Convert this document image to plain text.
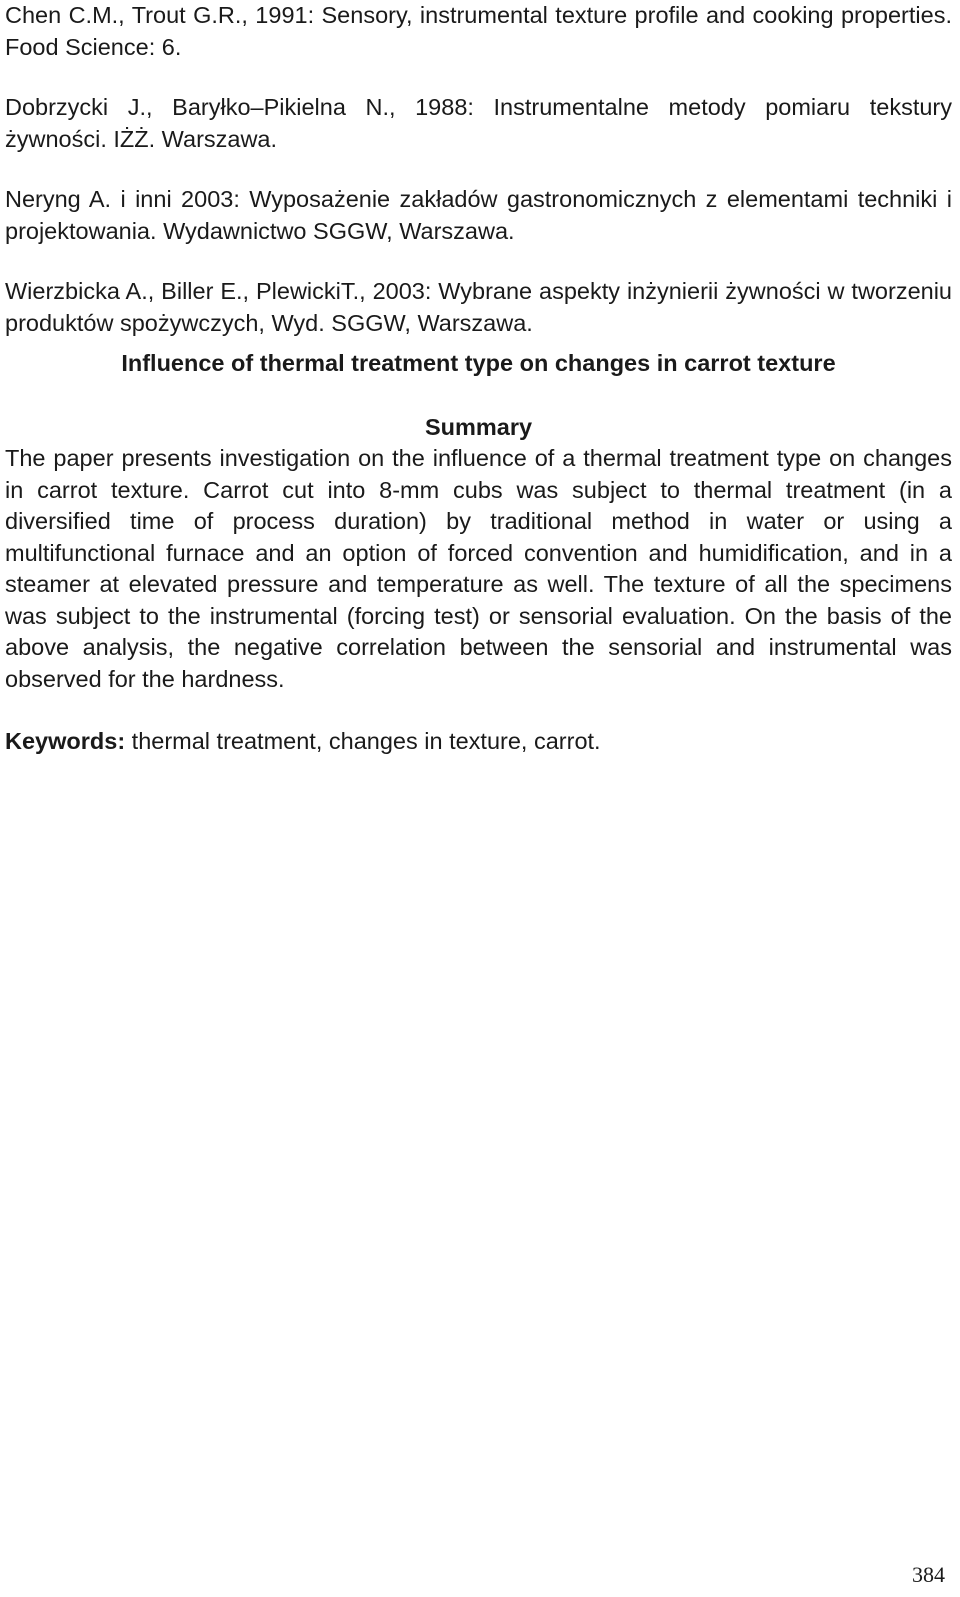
Chen C.M., Trout G.R., 1991: Sensory, instrumental texture profile and cooking properties. Food Science: 6.

Dobrzycki J., Baryłko–Pikielna N., 1988: Instrumentalne metody pomiaru tekstury żywności. IŻŻ. Warszawa.

Neryng A. i inni 2003: Wyposażenie zakładów gastronomicznych z elementami techniki i projektowania. Wydawnictwo SGGW, Warszawa.

Wierzbicka A., Biller E., PlewickiT., 2003: Wybrane aspekty inżynierii żywności w tworzeniu produktów spożywczych, Wyd. SGGW, Warszawa.

Influence of thermal treatment type on changes in carrot texture
Summary

The paper presents investigation on the influence of a thermal treatment type on changes in carrot texture. Carrot cut into 8-mm cubs was subject to thermal treatment (in a diversified time of process duration) by traditional method in water or using a multifunctional furnace and an option of forced convention and humidification, and in a steamer at elevated pressure and temperature as well. The texture of all the specimens was subject to the instrumental (forcing test) or sensorial evaluation. On the basis of the above analysis, the negative correlation between the sensorial and instrumental was observed for the hardness.

Keywords: thermal treatment, changes in texture, carrot.

384
